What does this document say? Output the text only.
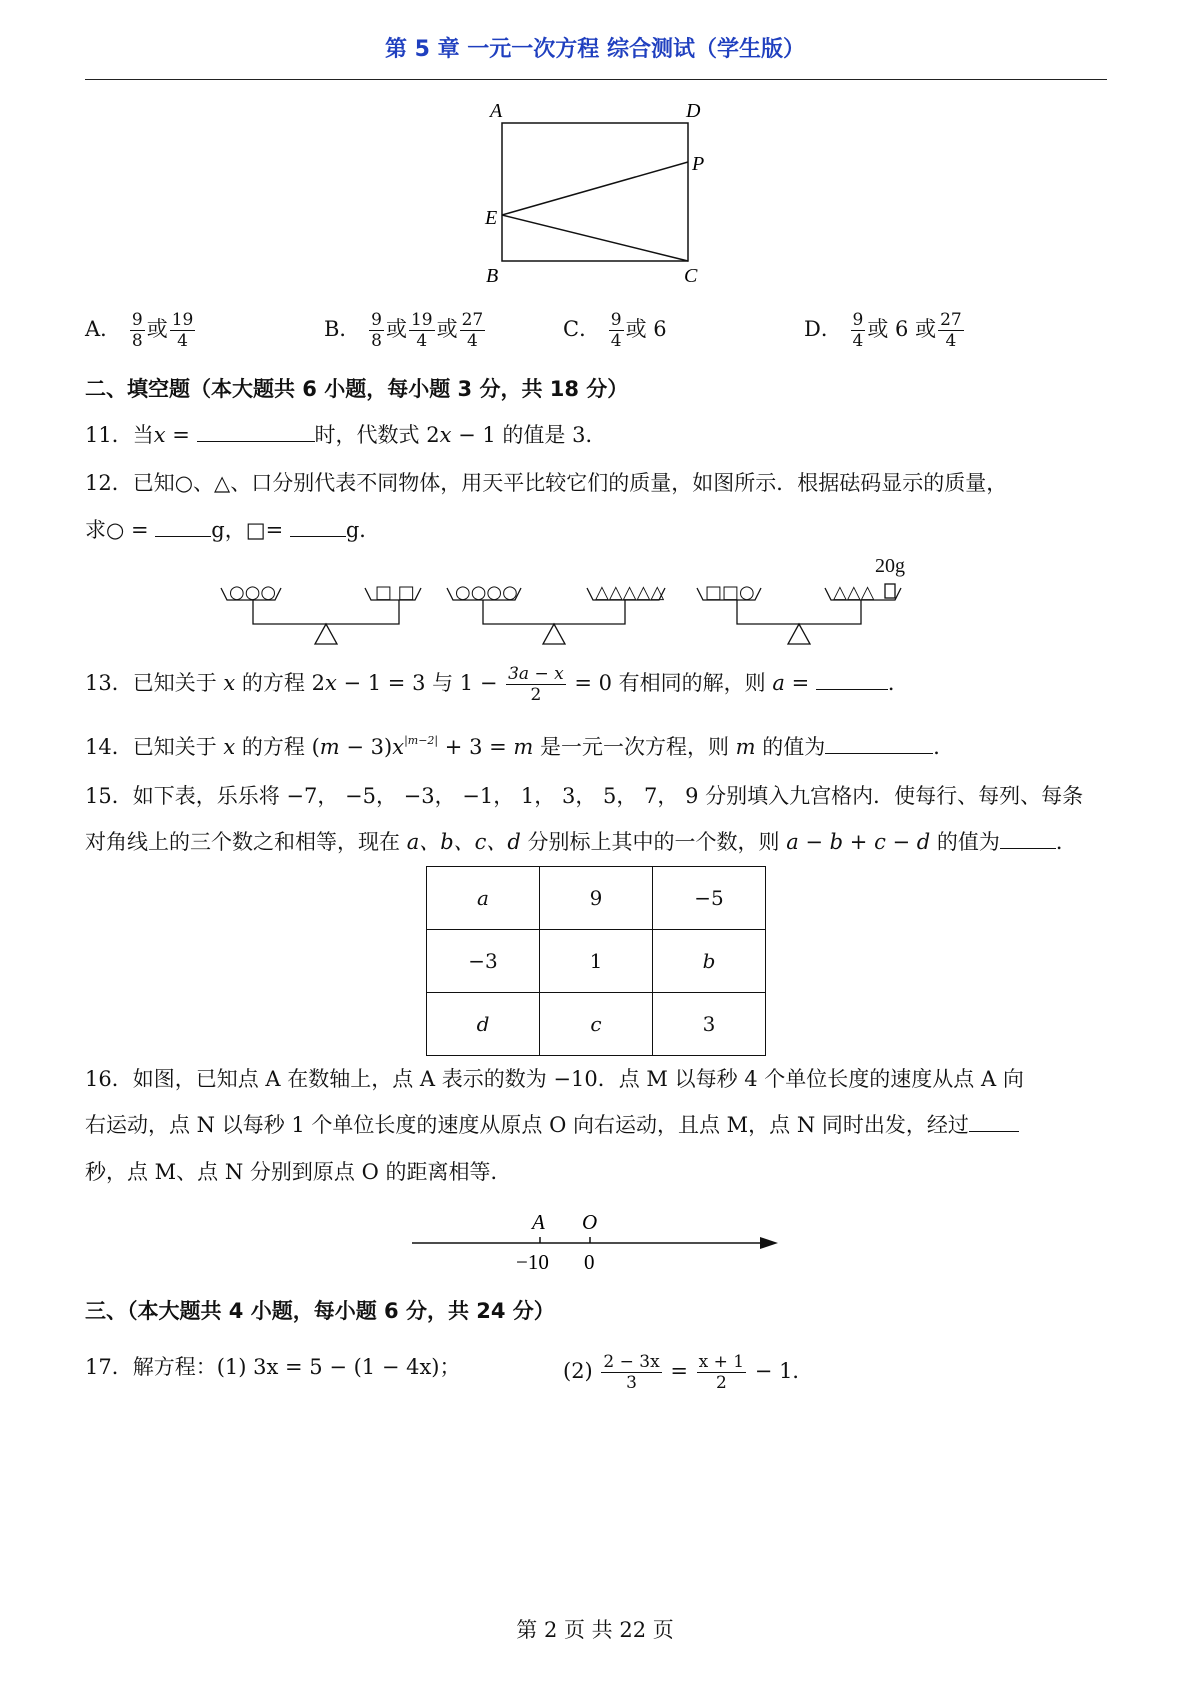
第 5 章 一元一次方程 综合测试（学生版）
A	D
P
E
B	C
A． $\frac{9}{8}$ 或 $\frac{19}{4}$	B． $\frac{9}{8}$ 或 $\frac{19}{4}$ 或 $\frac{27}{4}$	C． $\frac{9}{4}$ 或 6	D． $\frac{9}{4}$ 或 6 或 $\frac{27}{4}$
二、填空题（本大题共 6 小题，每小题 3 分，共 18 分）
11．当x =	时，代数式 2x − 1 的值是 3．
12．已知○、△、口分别代表不同物体，用天平比较它们的质量，如图所示．根据砝码显示的质量，
求○ =	g，□=	g．
○○○	□ □ ○○○○	△△△△△ □□○	△△△
20g
13．已知关于 x 的方程 2x − 1 = 3 与 $1 - \frac{3a - x}{2} = 0$ 有相同的解，则 a =	．
14．已知关于 x 的方程 $(m - 3)x^{|m-2|} + 3 = m$ 是一元一次方程，则 m 的值为	．
15．如下表，乐乐将 −7， −5， −3， −1， 1， 3， 5， 7， 9 分别填入九宫格内．使每行、每列、每条
对角线上的三个数之和相等，现在 a、b、c、d 分别标上其中的一个数，则 a − b + c − d 的值为	．
a	9	−5
−3	1	b
d	c	3
16．如图，已知点 A 在数轴上，点 A 表示的数为 −10．点 M 以每秒 4 个单位长度的速度从点 A 向
右运动，点 N 以每秒 1 个单位长度的速度从原点 O 向右运动，且点 M，点 N 同时出发，经过
秒，点 M、点 N 分别到原点 O 的距离相等．
A O
−10 0
三、（本大题共 4 小题，每小题 6 分，共 24 分）
17．解方程：(1) 3x = 5 − (1 − 4x)；	$(2) \frac{2 - 3x}{3} = \frac{x + 1}{2} - 1$．
第 2 页 共 22 页
